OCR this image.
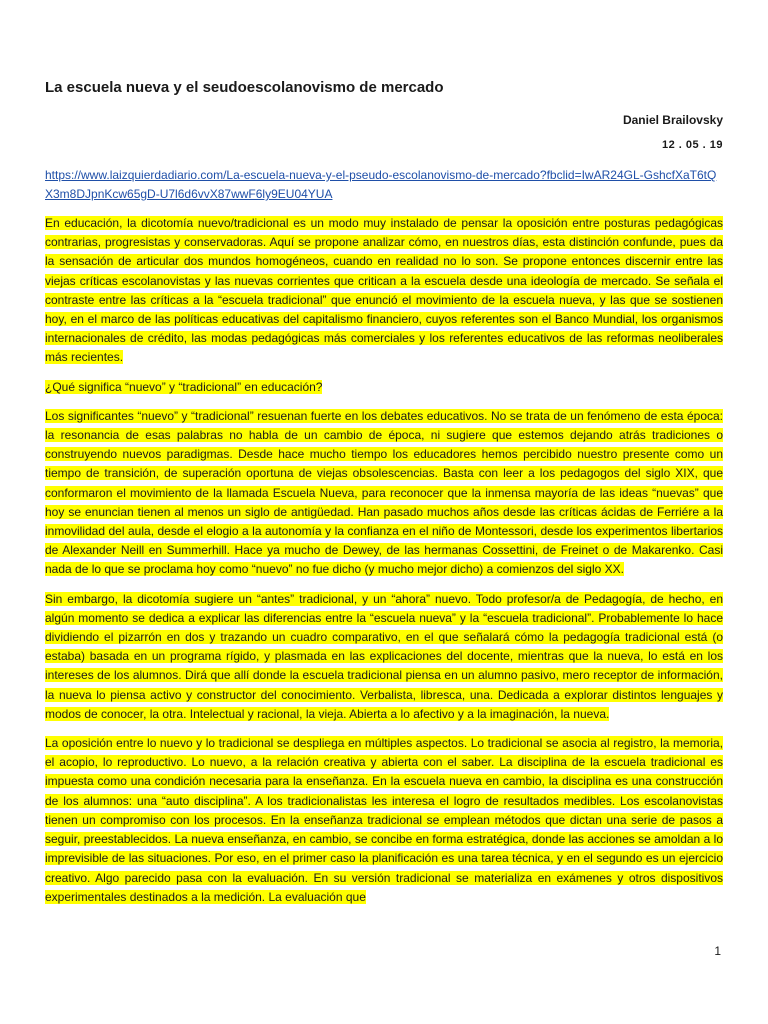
La escuela nueva y el seudoescolanovismo de mercado
Daniel Brailovsky
12 . 05 . 19
https://www.laizquierdadiario.com/La-escuela-nueva-y-el-pseudo-escolanovismo-de-mercado?fbclid=IwAR24GL-GshcfXaT6tQX3m8DJpnKcw65gD-U7l6d6vvX87wwF6ly9EU04YUA

En educación, la dicotomía nuevo/tradicional es un modo muy instalado de pensar la oposición entre posturas pedagógicas contrarias, progresistas y conservadoras. Aquí se propone analizar cómo, en nuestros días, esta distinción confunde, pues da la sensación de articular dos mundos homogéneos, cuando en realidad no lo son. Se propone entonces discernir entre las viejas críticas escolanovistas y las nuevas corrientes que critican a la escuela desde una ideología de mercado. Se señala el contraste entre las críticas a la “escuela tradicional” que enunció el movimiento de la escuela nueva, y las que se sostienen hoy, en el marco de las políticas educativas del capitalismo financiero, cuyos referentes son el Banco Mundial, los organismos internacionales de crédito, las modas pedagógicas más comerciales y los referentes educativos de las reformas neoliberales más recientes.

¿Qué significa “nuevo” y “tradicional” en educación?

Los significantes “nuevo” y “tradicional” resuenan fuerte en los debates educativos. No se trata de un fenómeno de esta época: la resonancia de esas palabras no habla de un cambio de época, ni sugiere que estemos dejando atrás tradiciones o construyendo nuevos paradigmas. Desde hace mucho tiempo los educadores hemos percibido nuestro presente como un tiempo de transición, de superación oportuna de viejas obsolescencias. Basta con leer a los pedagogos del siglo XIX, que conformaron el movimiento de la llamada Escuela Nueva, para reconocer que la inmensa mayoría de las ideas “nuevas” que hoy se enuncian tienen al menos un siglo de antigüedad. Han pasado muchos años desde las críticas ácidas de Ferriére a la inmovilidad del aula, desde el elogio a la autonomía y la confianza en el niño de Montessori, desde los experimentos libertarios de Alexander Neill en Summerhill. Hace ya mucho de Dewey, de las hermanas Cossettini, de Freinet o de Makarenko. Casi nada de lo que se proclama hoy como “nuevo” no fue dicho (y mucho mejor dicho) a comienzos del siglo XX.

Sin embargo, la dicotomía sugiere un “antes” tradicional, y un “ahora” nuevo. Todo profesor/a de Pedagogía, de hecho, en algún momento se dedica a explicar las diferencias entre la “escuela nueva” y la “escuela tradicional”. Probablemente lo hace dividiendo el pizarrón en dos y trazando un cuadro comparativo, en el que señalará cómo la pedagogía tradicional está (o estaba) basada en un programa rígido, y plasmada en las explicaciones del docente, mientras que la nueva, lo está en los intereses de los alumnos. Dirá que allí donde la escuela tradicional piensa en un alumno pasivo, mero receptor de información, la nueva lo piensa activo y constructor del conocimiento. Verbalista, libresca, una. Dedicada a explorar distintos lenguajes y modos de conocer, la otra. Intelectual y racional, la vieja. Abierta a lo afectivo y a la imaginación, la nueva.

La oposición entre lo nuevo y lo tradicional se despliega en múltiples aspectos. Lo tradicional se asocia al registro, la memoria, el acopio, lo reproductivo. Lo nuevo, a la relación creativa y abierta con el saber. La disciplina de la escuela tradicional es impuesta como una condición necesaria para la enseñanza. En la escuela nueva en cambio, la disciplina es una construcción de los alumnos: una “auto disciplina”. A los tradicionalistas les interesa el logro de resultados medibles. Los escolanovistas tienen un compromiso con los procesos. En la enseñanza tradicional se emplean métodos que dictan una serie de pasos a seguir, preestablecidos. La nueva enseñanza, en cambio, se concibe en forma estratégica, donde las acciones se amoldan a lo imprevisible de las situaciones. Por eso, en el primer caso la planificación es una tarea técnica, y en el segundo es un ejercicio creativo. Algo parecido pasa con la evaluación. En su versión tradicional se materializa en exámenes y otros dispositivos experimentales destinados a la medición. La evaluación que

1
